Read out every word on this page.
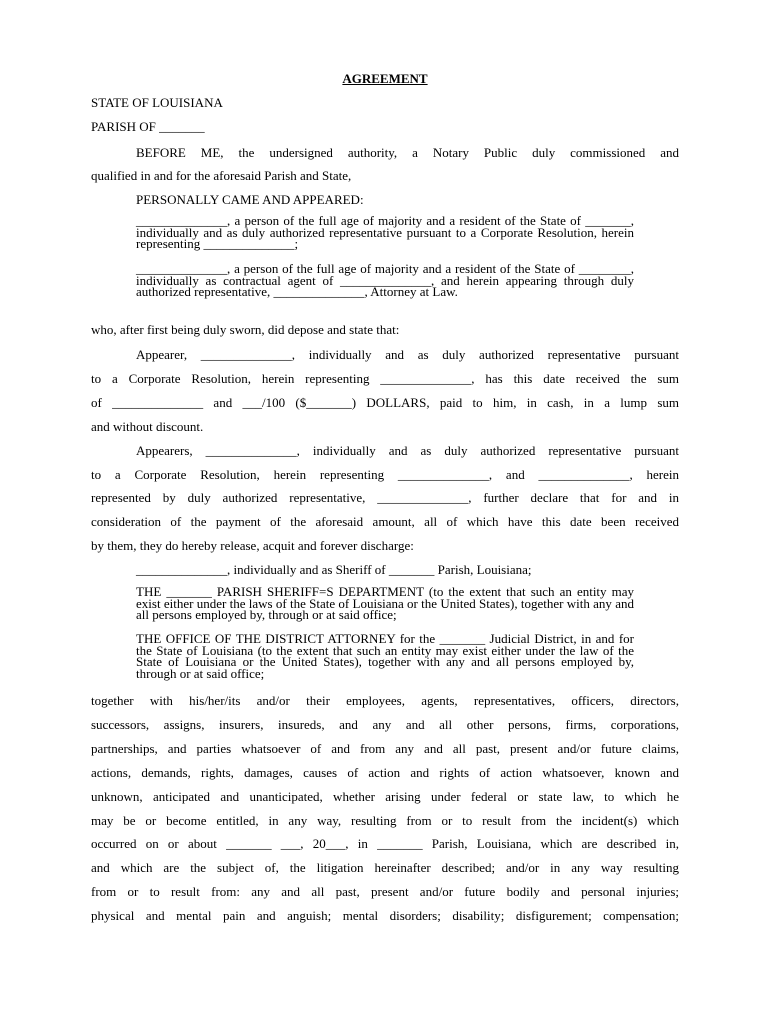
AGREEMENT
STATE OF LOUISIANA
PARISH OF _______
BEFORE ME, the undersigned authority, a Notary Public duly commissioned and
qualified in and for the aforesaid Parish and State,
PERSONALLY CAME AND APPEARED:
______________, a person of the full age of majority and a resident of the State of _______, individually and as duly authorized representative pursuant to a Corporate Resolution, herein representing ______________;
______________, a person of the full age of majority and a resident of the State of ________, individually as contractual agent of ______________, and herein appearing through duly authorized representative, ______________, Attorney at Law.
who, after first being duly sworn, did depose and state that:
Appearer, ______________, individually and as duly authorized representative pursuant
to a Corporate Resolution, herein representing ______________, has this date received the sum
of ______________ and ___/100 ($_______) DOLLARS, paid to him, in cash, in a lump sum
and without discount.
Appearers, ______________, individually and as duly authorized representative pursuant
to a Corporate Resolution, herein representing ______________, and ______________, herein
represented by duly authorized representative, ______________, further declare that for and in
consideration of the payment of the aforesaid amount, all of which have this date been received
by them, they do hereby release, acquit and forever discharge:
______________, individually and as Sheriff of _______ Parish, Louisiana;
THE _______ PARISH SHERIFF=S DEPARTMENT (to the extent that such an entity may exist either under the laws of the State of Louisiana or the United States), together with any and all persons employed by, through or at said office;
THE OFFICE OF THE DISTRICT ATTORNEY for the _______ Judicial District, in and for the State of Louisiana (to the extent that such an entity may exist either under the law of the State of Louisiana or the United States), together with any and all persons employed by, through or at said office;
together with his/her/its and/or their employees, agents, representatives, officers, directors,
successors, assigns, insurers, insureds, and any and all other persons, firms, corporations,
partnerships, and parties whatsoever of and from any and all past, present and/or future claims,
actions, demands, rights, damages, causes of action and rights of action whatsoever, known and
unknown, anticipated and unanticipated, whether arising under federal or state law, to which he
may be or become entitled, in any way, resulting from or to result from the incident(s) which
occurred on or about _______ ___, 20___, in _______ Parish, Louisiana, which are described in,
and which are the subject of, the litigation hereinafter described; and/or in any way resulting
from or to result from: any and all past, present and/or future bodily and personal injuries;
physical and mental pain and anguish; mental disorders; disability; disfigurement; compensation;
